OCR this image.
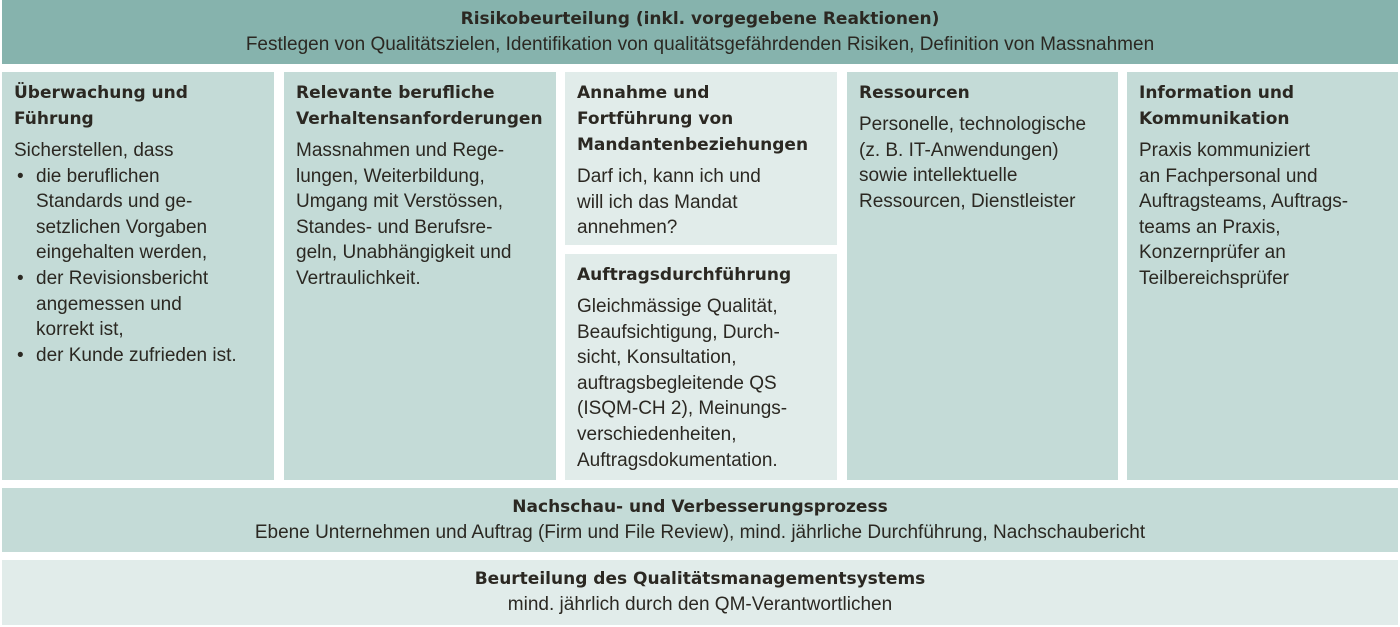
Risikobeurteilung (inkl. vorgegebene Reaktionen)
Festlegen von Qualitätszielen, Identifikation von qualitätsgefährdenden Risiken, Definition von Massnahmen
Überwachung und
Führung
Sicherstellen, dass
• die beruflichen
Standards und ge-
setzlichen Vorgaben
eingehalten werden,
• der Revisionsbericht
angemessen und
korrekt ist,
• der Kunde zufrieden ist.
Relevante berufliche
Verhaltensanforderungen
Massnahmen und Rege-
lungen, Weiterbildung,
Umgang mit Verstössen,
Standes- und Berufsre-
geln, Unabhängigkeit und
Vertraulichkeit.
Annahme und
Fortführung von
Mandantenbeziehungen
Darf ich, kann ich und
will ich das Mandat
annehmen?
Auftragsdurchführung
Gleichmässige Qualität,
Beaufsichtigung, Durch-
sicht, Konsultation,
auftragsbegleitende QS
(ISQM-CH 2), Meinungs-
verschiedenheiten,
Auftragsdokumentation.
Ressourcen
Personelle, technologische
(z. B. IT-Anwendungen)
sowie intellektuelle
Ressourcen, Dienstleister
Information und
Kommunikation
Praxis kommuniziert
an Fachpersonal und
Auftragsteams, Auftrags-
teams an Praxis,
Konzernprüfer an
Teilbereichsprüfer
Nachschau- und Verbesserungsprozess
Ebene Unternehmen und Auftrag (Firm und File Review), mind. jährliche Durchführung, Nachschaubericht
Beurteilung des Qualitätsmanagementsystems
mind. jährlich durch den QM-Verantwortlichen
